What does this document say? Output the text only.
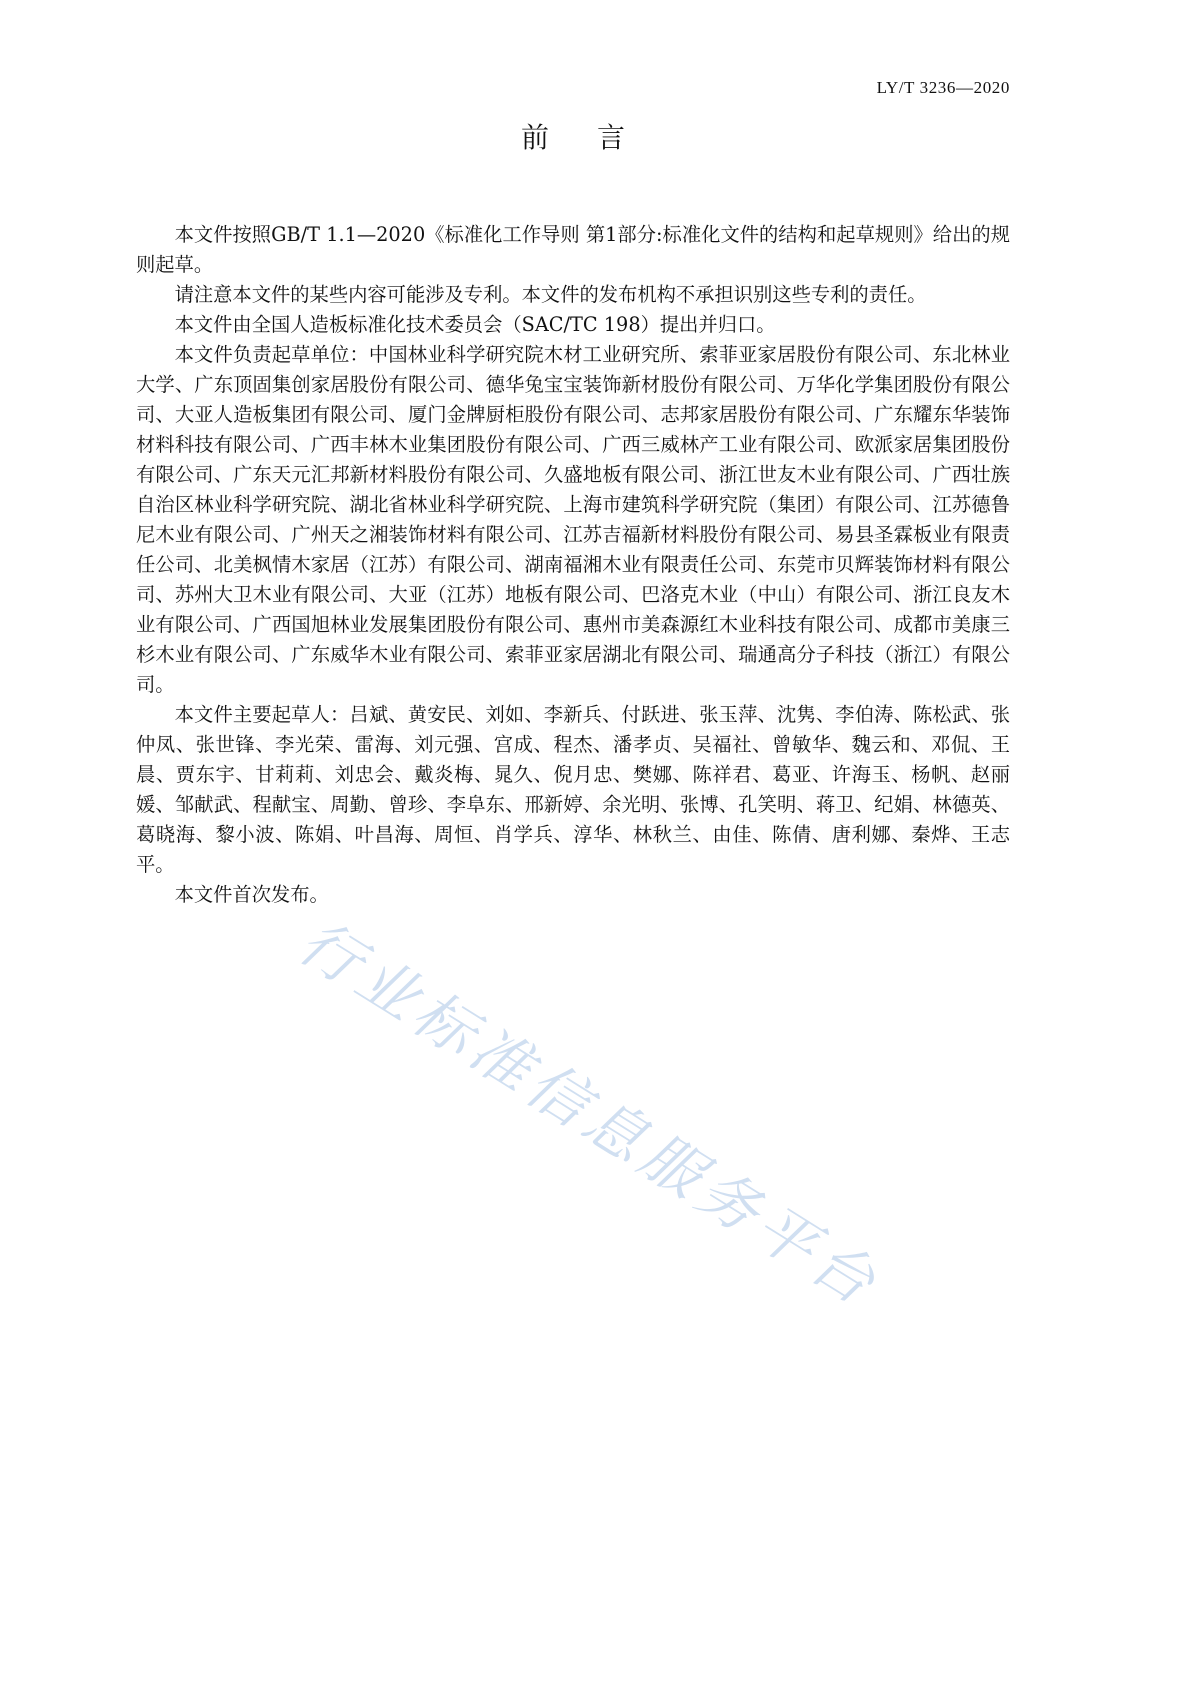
LY/T 3236—2020
前　言

本文件按照GB/T 1.1—2020《标准化工作导则 第1部分:标准化文件的结构和起草规则》给出的规则起草。

请注意本文件的某些内容可能涉及专利。本文件的发布机构不承担识别这些专利的责任。

本文件由全国人造板标准化技术委员会（SAC/TC 198）提出并归口。

本文件负责起草单位：中国林业科学研究院木材工业研究所、索菲亚家居股份有限公司、东北林业大学、广东顶固集创家居股份有限公司、德华兔宝宝装饰新材股份有限公司、万华化学集团股份有限公司、大亚人造板集团有限公司、厦门金牌厨柜股份有限公司、志邦家居股份有限公司、广东耀东华装饰材料科技有限公司、广西丰林木业集团股份有限公司、广西三威林产工业有限公司、欧派家居集团股份有限公司、广东天元汇邦新材料股份有限公司、久盛地板有限公司、浙江世友木业有限公司、广西壮族自治区林业科学研究院、湖北省林业科学研究院、上海市建筑科学研究院（集团）有限公司、江苏德鲁尼木业有限公司、广州天之湘装饰材料有限公司、江苏吉福新材料股份有限公司、易县圣霖板业有限责任公司、北美枫情木家居（江苏）有限公司、湖南福湘木业有限责任公司、东莞市贝辉装饰材料有限公司、苏州大卫木业有限公司、大亚（江苏）地板有限公司、巴洛克木业（中山）有限公司、浙江良友木业有限公司、广西国旭林业发展集团股份有限公司、惠州市美森源红木业科技有限公司、成都市美康三杉木业有限公司、广东威华木业有限公司、索菲亚家居湖北有限公司、瑞通高分子科技（浙江）有限公司。

本文件主要起草人：吕斌、黄安民、刘如、李新兵、付跃进、张玉萍、沈隽、李伯涛、陈松武、张仲凤、张世锋、李光荣、雷海、刘元强、宫成、程杰、潘孝贞、吴福社、曾敏华、魏云和、邓侃、王晨、贾东宇、甘莉莉、刘忠会、戴炎梅、晁久、倪月忠、樊娜、陈祥君、葛亚、许海玉、杨帆、赵丽媛、邹献武、程献宝、周勤、曾珍、李阜东、邢新婷、余光明、张博、孔笑明、蒋卫、纪娟、林德英、葛晓海、黎小波、陈娟、叶昌海、周恒、肖学兵、淳华、林秋兰、由佳、陈倩、唐利娜、秦烨、王志平。

本文件首次发布。

行业标准信息服务平台
